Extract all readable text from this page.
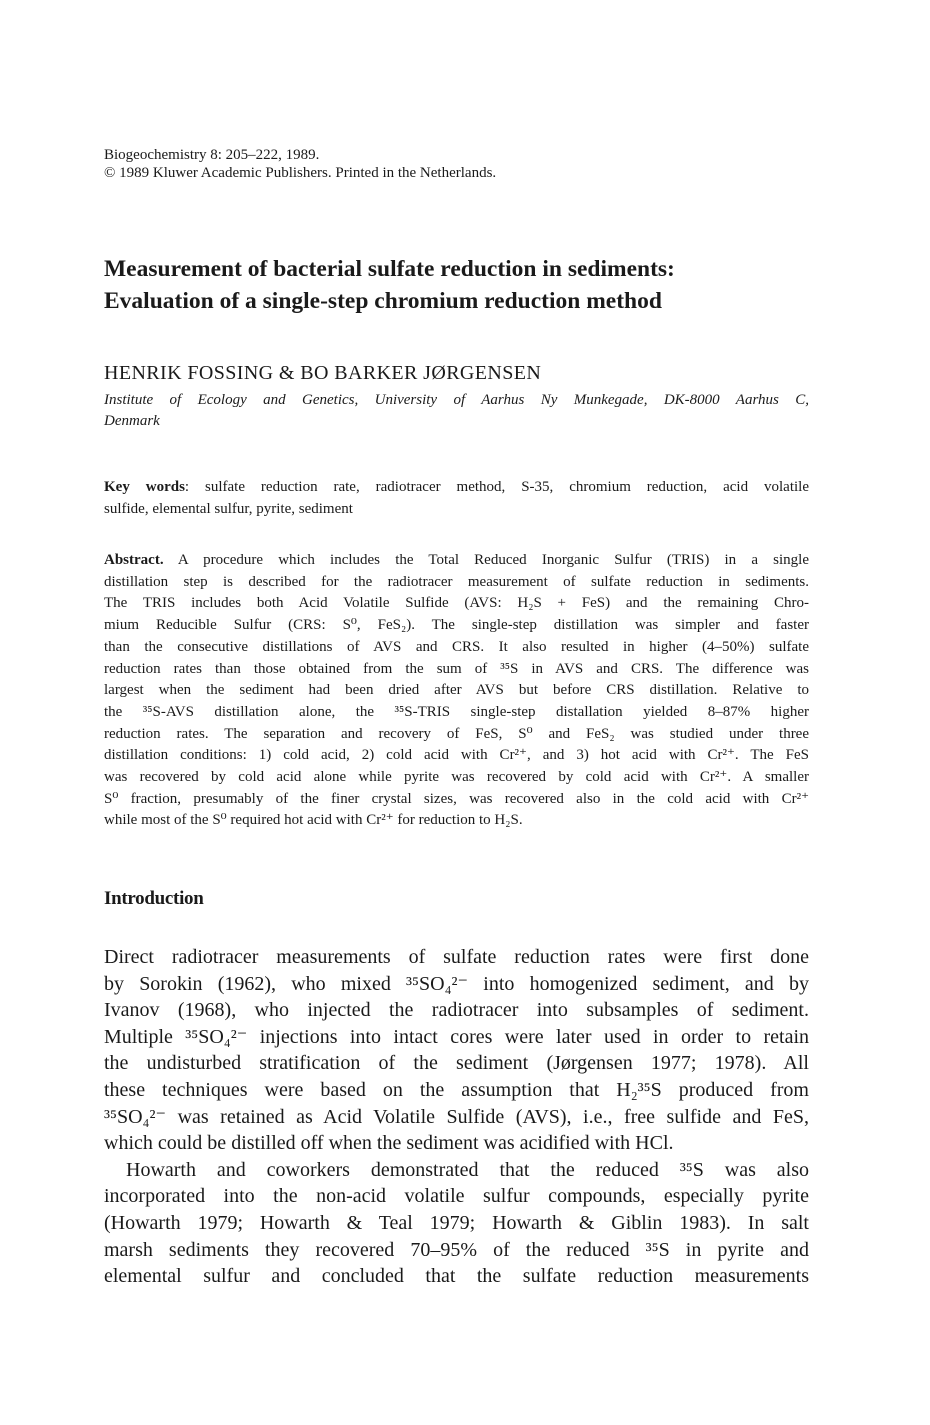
Biogeochemistry 8: 205–222, 1989.
© 1989 Kluwer Academic Publishers. Printed in the Netherlands.
Measurement of bacterial sulfate reduction in sediments:
Evaluation of a single-step chromium reduction method
HENRIK FOSSING & BO BARKER JØRGENSEN
Institute of Ecology and Genetics, University of Aarhus Ny Munkegade, DK-8000 Aarhus C,
Denmark
Key words: sulfate reduction rate, radiotracer method, S-35, chromium reduction, acid volatile
sulfide, elemental sulfur, pyrite, sediment
Abstract. A procedure which includes the Total Reduced Inorganic Sulfur (TRIS) in a single
distillation step is described for the radiotracer measurement of sulfate reduction in sediments.
The TRIS includes both Acid Volatile Sulfide (AVS: H₂S + FeS) and the remaining Chro-
mium Reducible Sulfur (CRS: S⁰, FeS₂). The single-step distillation was simpler and faster
than the consecutive distillations of AVS and CRS. It also resulted in higher (4–50%) sulfate
reduction rates than those obtained from the sum of ³⁵S in AVS and CRS. The difference was
largest when the sediment had been dried after AVS but before CRS distillation. Relative to
the ³⁵S-AVS distillation alone, the ³⁵S-TRIS single-step distallation yielded 8–87% higher
reduction rates. The separation and recovery of FeS, S⁰ and FeS₂ was studied under three
distillation conditions: 1) cold acid, 2) cold acid with Cr²⁺, and 3) hot acid with Cr²⁺. The FeS
was recovered by cold acid alone while pyrite was recovered by cold acid with Cr²⁺. A smaller
S⁰ fraction, presumably of the finer crystal sizes, was recovered also in the cold acid with Cr²⁺
while most of the S⁰ required hot acid with Cr²⁺ for reduction to H₂S.
Introduction
Direct radiotracer measurements of sulfate reduction rates were first done
by Sorokin (1962), who mixed ³⁵SO₄²⁻ into homogenized sediment, and by
Ivanov (1968), who injected the radiotracer into subsamples of sediment.
Multiple ³⁵SO₄²⁻ injections into intact cores were later used in order to retain
the undisturbed stratification of the sediment (Jørgensen 1977; 1978). All
these techniques were based on the assumption that H₂³⁵S produced from
³⁵SO₄²⁻ was retained as Acid Volatile Sulfide (AVS), i.e., free sulfide and FeS,
which could be distilled off when the sediment was acidified with HCl.
Howarth and coworkers demonstrated that the reduced ³⁵S was also
incorporated into the non-acid volatile sulfur compounds, especially pyrite
(Howarth 1979; Howarth & Teal 1979; Howarth & Giblin 1983). In salt
marsh sediments they recovered 70–95% of the reduced ³⁵S in pyrite and
elemental sulfur and concluded that the sulfate reduction measurements
